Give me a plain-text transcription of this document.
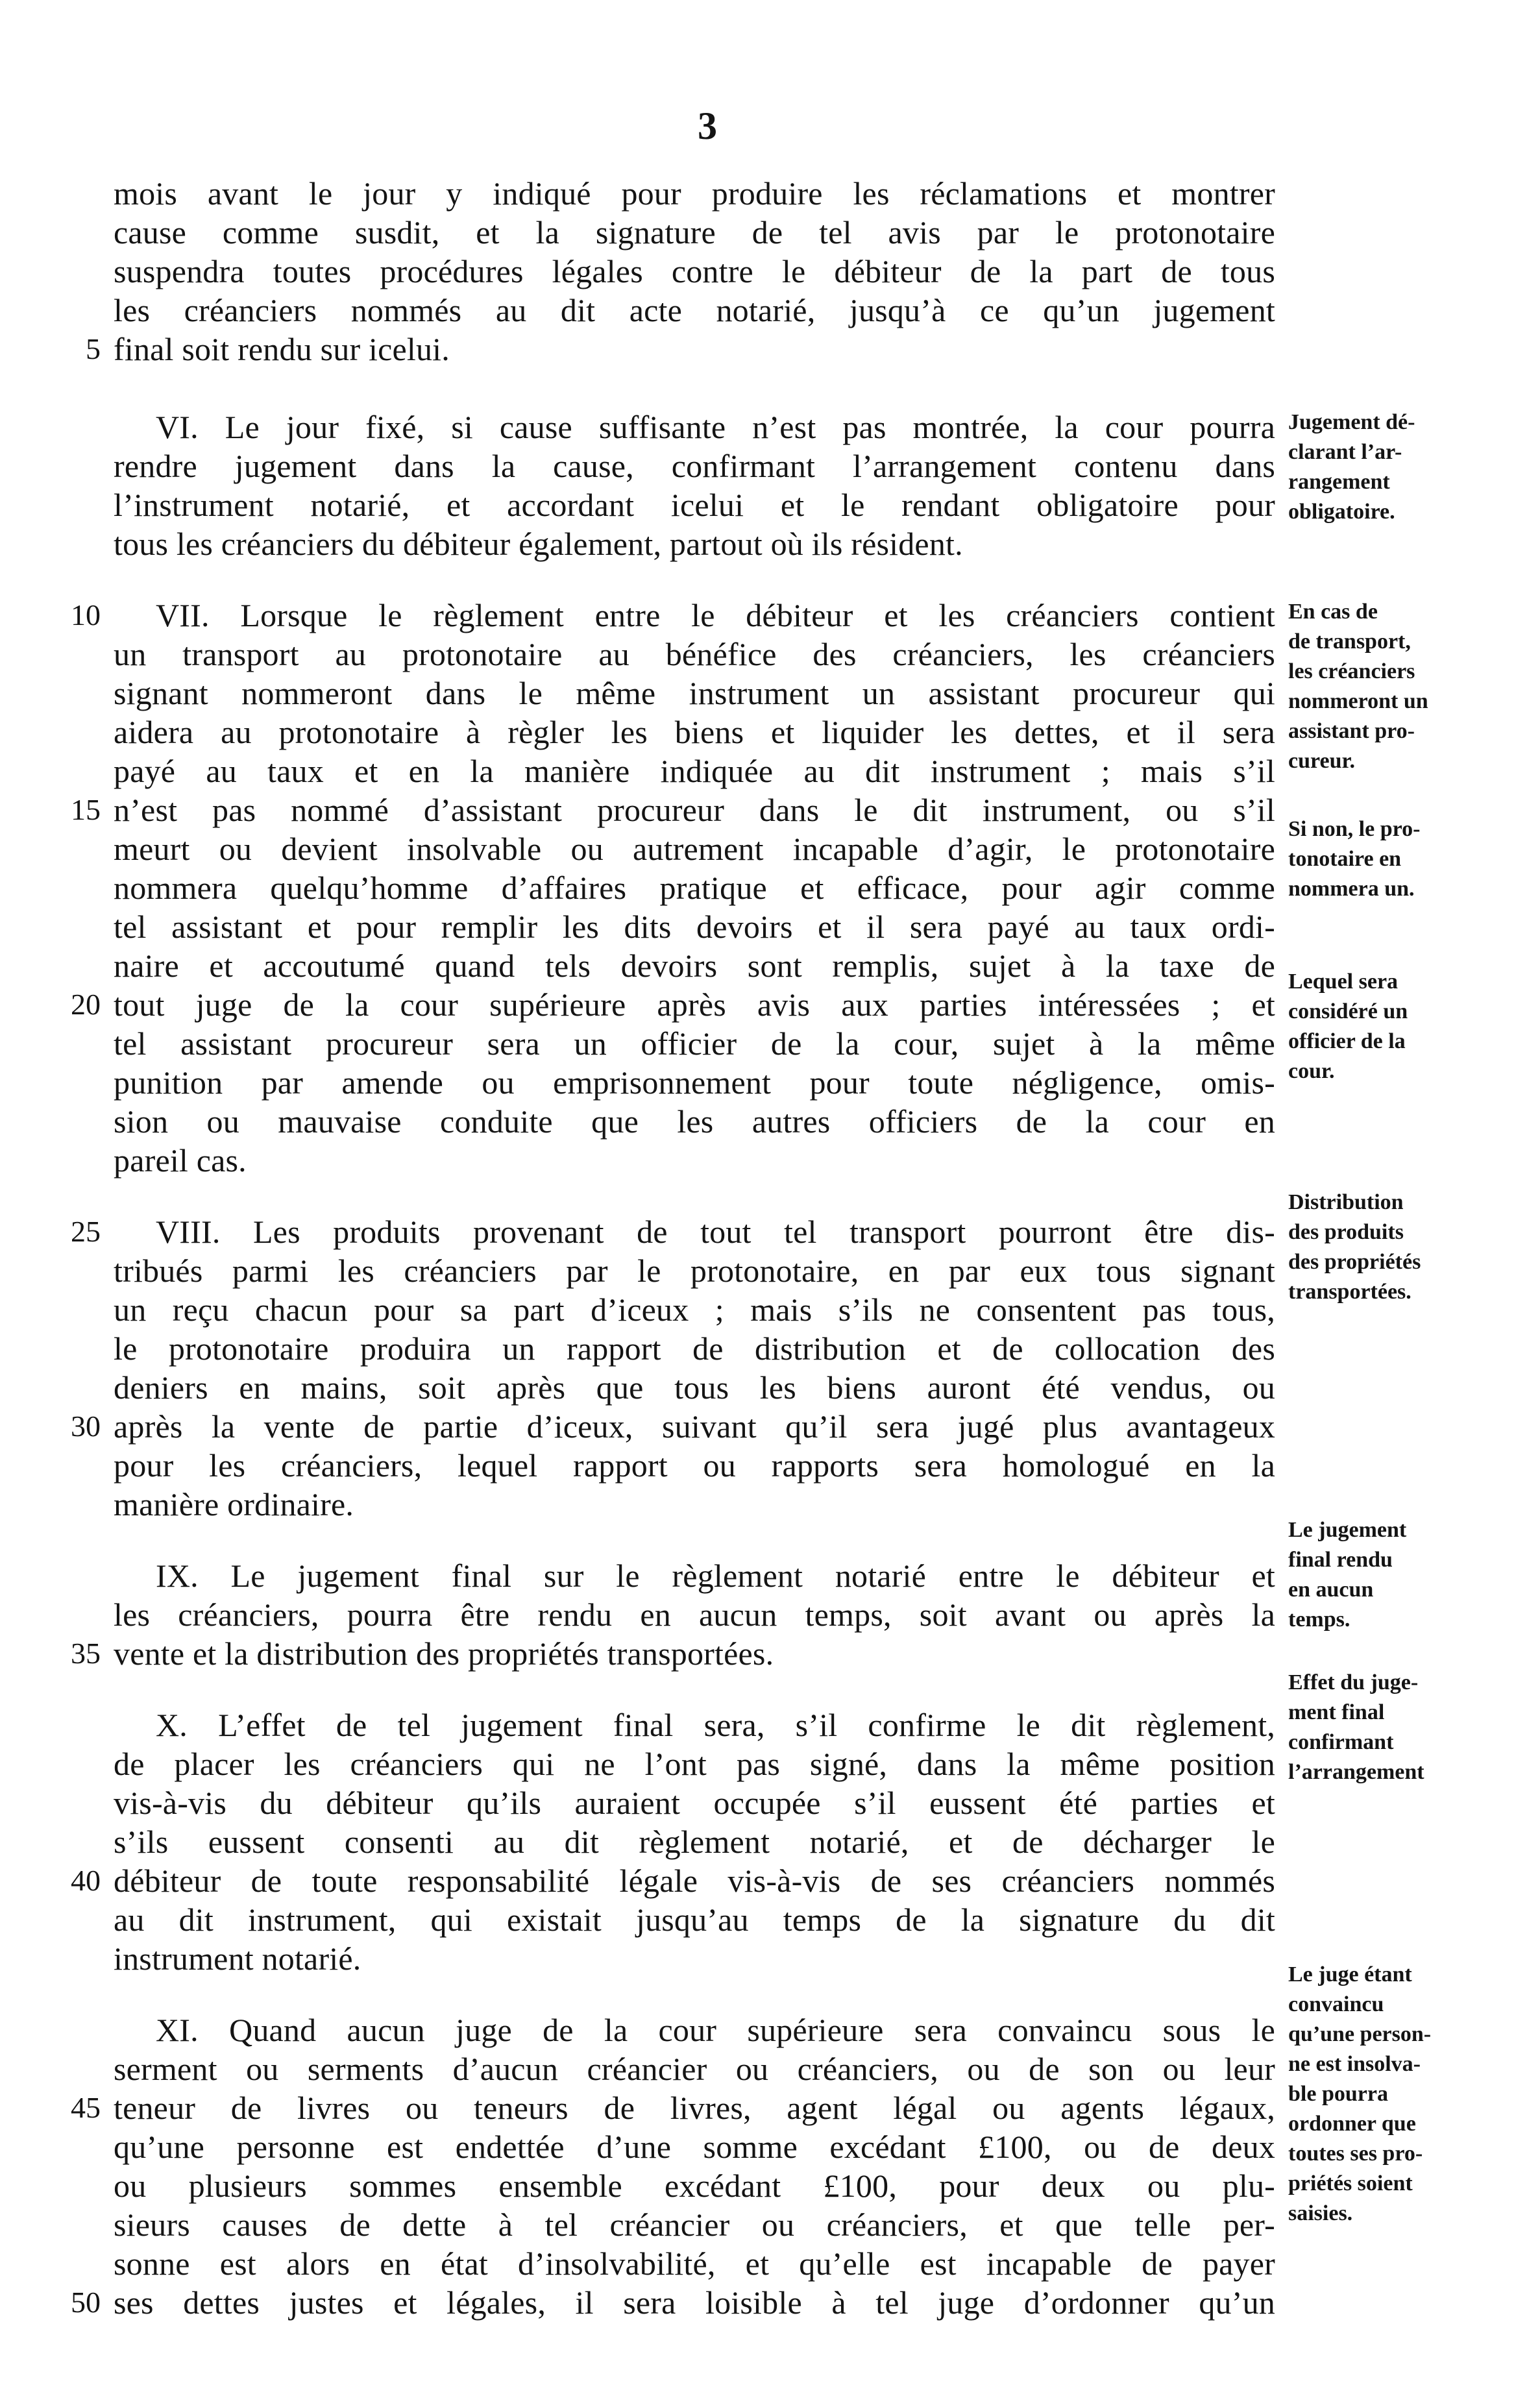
3
mois avant le jour y indiqué pour produire les réclamations et montrer
cause comme susdit, et la signature de tel avis par le protonotaire
suspendra toutes procédures légales contre le débiteur de la part de tous
les créanciers nommés au dit acte notarié, jusqu’à ce qu’un jugement
final soit rendu sur icelui.
VI. Le jour fixé, si cause suffisante n’est pas montrée, la cour pourra
rendre jugement dans la cause, confirmant l’arrangement contenu dans
l’instrument notarié, et accordant icelui et le rendant obligatoire pour
tous les créanciers du débiteur également, partout où ils résident.
VII. Lorsque le règlement entre le débiteur et les créanciers contient
un transport au protonotaire au bénéfice des créanciers, les créanciers
signant nommeront dans le même instrument un assistant procureur qui
aidera au protonotaire à règler les biens et liquider les dettes, et il sera
payé au taux et en la manière indiquée au dit instrument ; mais s’il
n’est pas nommé d’assistant procureur dans le dit instrument, ou s’il
meurt ou devient insolvable ou autrement incapable d’agir, le protonotaire
nommera quelqu’homme d’affaires pratique et efficace, pour agir comme
tel assistant et pour remplir les dits devoirs et il sera payé au taux ordi-
naire et accoutumé quand tels devoirs sont remplis, sujet à la taxe de
tout juge de la cour supérieure après avis aux parties intéressées ; et
tel assistant procureur sera un officier de la cour, sujet à la même
punition par amende ou emprisonnement pour toute négligence, omis-
sion ou mauvaise conduite que les autres officiers de la cour en
pareil cas.
VIII. Les produits provenant de tout tel transport pourront être dis-
tribués parmi les créanciers par le protonotaire, en par eux tous signant
un reçu chacun pour sa part d’iceux ; mais s’ils ne consentent pas tous,
le protonotaire produira un rapport de distribution et de collocation des
deniers en mains, soit après que tous les biens auront été vendus, ou
après la vente de partie d’iceux, suivant qu’il sera jugé plus avantageux
pour les créanciers, lequel rapport ou rapports sera homologué en la
manière ordinaire.
IX. Le jugement final sur le règlement notarié entre le débiteur et
les créanciers, pourra être rendu en aucun temps, soit avant ou après la
vente et la distribution des propriétés transportées.
X. L’effet de tel jugement final sera, s’il confirme le dit règlement,
de placer les créanciers qui ne l’ont pas signé, dans la même position
vis-à-vis du débiteur qu’ils auraient occupée s’il eussent été parties et
s’ils eussent consenti au dit règlement notarié, et de décharger le
débiteur de toute responsabilité légale vis-à-vis de ses créanciers nommés
au dit instrument, qui existait jusqu’au temps de la signature du dit
instrument notarié.
XI. Quand aucun juge de la cour supérieure sera convaincu sous le
serment ou serments d’aucun créancier ou créanciers, ou de son ou leur
teneur de livres ou teneurs de livres, agent légal ou agents légaux,
qu’une personne est endettée d’une somme excédant £100, ou de deux
ou plusieurs sommes ensemble excédant £100, pour deux ou plu-
sieurs causes de dette à tel créancier ou créanciers, et que telle per-
sonne est alors en état d’insolvabilité, et qu’elle est incapable de payer
ses dettes justes et légales, il sera loisible à tel juge d’ordonner qu’un
5
10
15
20
25
30
35
40
45
50
Jugement dé-
clarant l’ar-
rangement
obligatoire.
En cas de
de transport,
les créanciers
nommeront un
assistant pro-
cureur.
Si non, le pro-
tonotaire en
nommera un.
Lequel sera
considéré un
officier de la
cour.
Distribution
des produits
des propriétés
transportées.
Le jugement
final rendu
en aucun
temps.
Effet du juge-
ment final
confirmant
l’arrangement
Le juge étant
convaincu
qu’une person-
ne est insolva-
ble pourra
ordonner que
toutes ses pro-
priétés soient
saisies.
